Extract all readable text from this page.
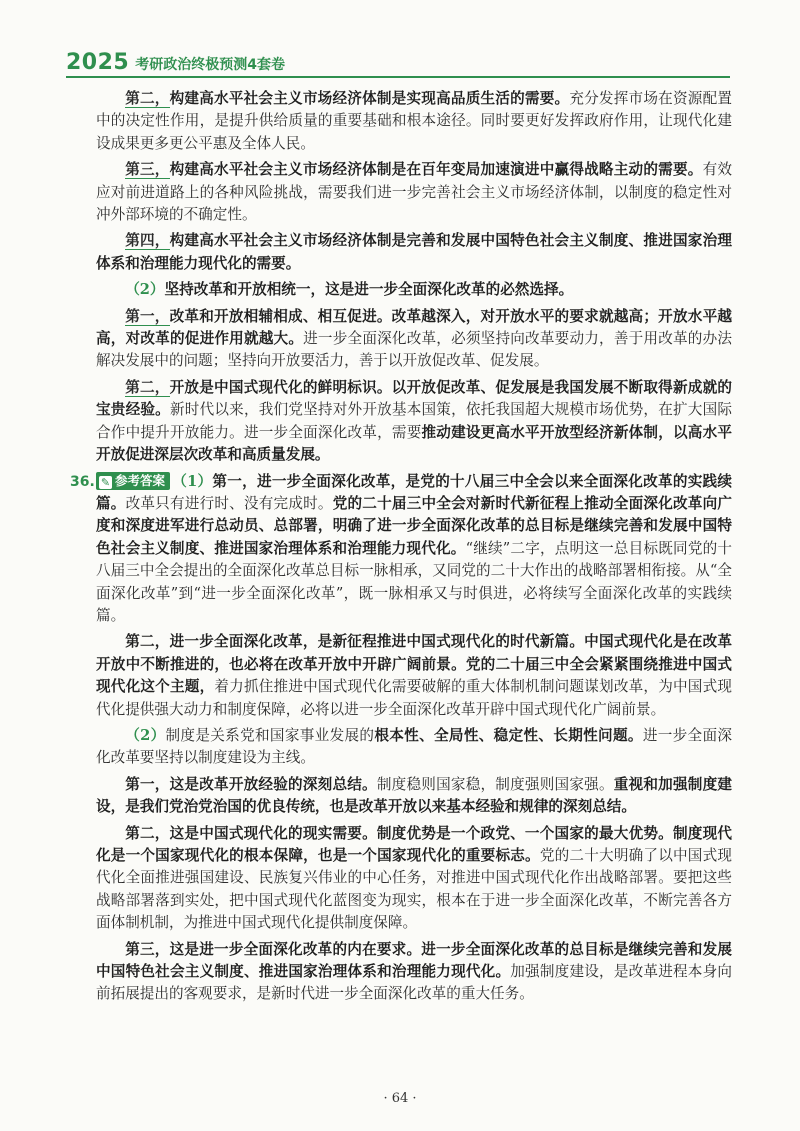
2025 考研政治终极预测4套卷

第二，构建高水平社会主义市场经济体制是实现高品质生活的需要。充分发挥市场在资源配置中的决定性作用，是提升供给质量的重要基础和根本途径。同时要更好发挥政府作用，让现代化建设成果更多更公平惠及全体人民。

第三，构建高水平社会主义市场经济体制是在百年变局加速演进中赢得战略主动的需要。有效应对前进道路上的各种风险挑战，需要我们进一步完善社会主义市场经济体制，以制度的稳定性对冲外部环境的不确定性。

第四，构建高水平社会主义市场经济体制是完善和发展中国特色社会主义制度、推进国家治理体系和治理能力现代化的需要。

（2）坚持改革和开放相统一，这是进一步全面深化改革的必然选择。

第一，改革和开放相辅相成、相互促进。改革越深入，对开放水平的要求就越高；开放水平越高，对改革的促进作用就越大。进一步全面深化改革，必须坚持向改革要动力，善于用改革的办法解决发展中的问题；坚持向开放要活力，善于以开放促改革、促发展。

第二，开放是中国式现代化的鲜明标识。以开放促改革、促发展是我国发展不断取得新成就的宝贵经验。新时代以来，我们党坚持对外开放基本国策，依托我国超大规模市场优势，在扩大国际合作中提升开放能力。进一步全面深化改革，需要推动建设更高水平开放型经济新体制，以高水平开放促进深层次改革和高质量发展。

36. ✎ 参考答案 （1）第一，进一步全面深化改革，是党的十八届三中全会以来全面深化改革的实践续篇。改革只有进行时、没有完成时。党的二十届三中全会对新时代新征程上推动全面深化改革向广度和深度进军进行总动员、总部署，明确了进一步全面深化改革的总目标是继续完善和发展中国特色社会主义制度、推进国家治理体系和治理能力现代化。“继续”二字，点明这一总目标既同党的十八届三中全会提出的全面深化改革总目标一脉相承，又同党的二十大作出的战略部署相衔接。从“全面深化改革”到“进一步全面深化改革”，既一脉相承又与时俱进，必将续写全面深化改革的实践续篇。

第二，进一步全面深化改革，是新征程推进中国式现代化的时代新篇。中国式现代化是在改革开放中不断推进的，也必将在改革开放中开辟广阔前景。党的二十届三中全会紧紧围绕推进中国式现代化这个主题，着力抓住推进中国式现代化需要破解的重大体制机制问题谋划改革，为中国式现代化提供强大动力和制度保障，必将以进一步全面深化改革开辟中国式现代化广阔前景。

（2）制度是关系党和国家事业发展的根本性、全局性、稳定性、长期性问题。进一步全面深化改革要坚持以制度建设为主线。

第一，这是改革开放经验的深刻总结。制度稳则国家稳，制度强则国家强。重视和加强制度建设，是我们党治党治国的优良传统，也是改革开放以来基本经验和规律的深刻总结。

第二，这是中国式现代化的现实需要。制度优势是一个政党、一个国家的最大优势。制度现代化是一个国家现代化的根本保障，也是一个国家现代化的重要标志。党的二十大明确了以中国式现代化全面推进强国建设、民族复兴伟业的中心任务，对推进中国式现代化作出战略部署。要把这些战略部署落到实处，把中国式现代化蓝图变为现实，根本在于进一步全面深化改革，不断完善各方面体制机制，为推进中国式现代化提供制度保障。

第三，这是进一步全面深化改革的内在要求。进一步全面深化改革的总目标是继续完善和发展中国特色社会主义制度、推进国家治理体系和治理能力现代化。加强制度建设，是改革进程本身向前拓展提出的客观要求，是新时代进一步全面深化改革的重大任务。

· 64 ·
